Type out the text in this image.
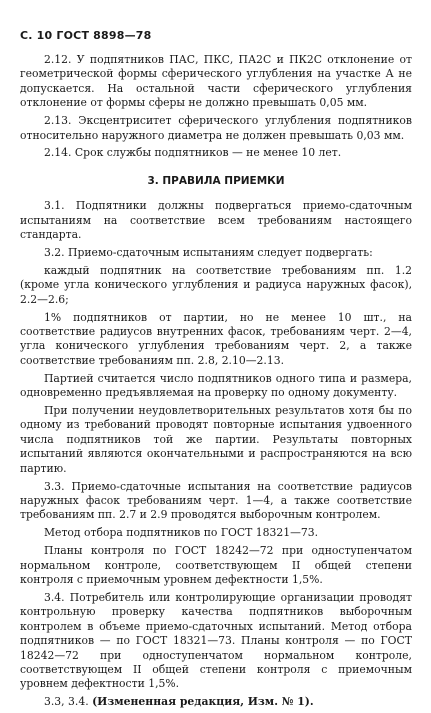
С. 10 ГОСТ 8898—78

2.12. У подпятников ПАС, ПКС, ПА2С и ПК2С отклонение от геометрической формы сферического углубления на участке А не допускается. На остальной части сферического углубления отклонение от формы сферы не должно превышать 0,05 мм.

2.13. Эксцентриситет сферического углубления подпятников относительно наружного диаметра не должен превышать 0,03 мм.

2.14. Срок службы подпятников — не менее 10 лет.

3. ПРАВИЛА ПРИЕМКИ

3.1. Подпятники должны подвергаться приемо-сдаточным испытаниям на соответствие всем требованиям настоящего стандарта.

3.2. Приемо-сдаточным испытаниям следует подвергать:

каждый подпятник на соответствие требованиям пп. 1.2 (кроме угла конического углубления и радиуса наружных фасок), 2.2—2.6;

1% подпятников от партии, но не менее 10 шт., на соответствие радиусов внутренних фасок, требованиям черт. 2—4, угла конического углубления требованиям черт. 2, а также соответствие требованиям пп. 2.8, 2.10—2.13.

Партией считается число подпятников одного типа и размера, одновременно предъявляемая на проверку по одному документу.

При получении неудовлетворительных результатов хотя бы по одному из требований проводят повторные испытания удвоенного числа подпятников той же партии. Результаты повторных испытаний являются окончательными и распространяются на всю партию.

3.3. Приемо-сдаточные испытания на соответствие радиусов наружных фасок требованиям черт. 1—4, а также соответствие требованиям пп. 2.7 и 2.9 проводятся выборочным контролем.

Метод отбора подпятников по ГОСТ 18321—73.

Планы контроля по ГОСТ 18242—72 при одноступенчатом нормальном контроле, соответствующем II общей степени контроля с приемочным уровнем дефектности 1,5%.

3.4. Потребитель или контролирующие организации проводят контрольную проверку качества подпятников выборочным контролем в объеме приемо-сдаточных испытаний. Метод отбора подпятников — по ГОСТ 18321—73. Планы контроля — по ГОСТ 18242—72 при одноступенчатом нормальном контроле, соответствующем II общей степени контроля с приемочным уровнем дефектности 1,5%.

3.3, 3.4. (Измененная редакция, Изм. № 1).
